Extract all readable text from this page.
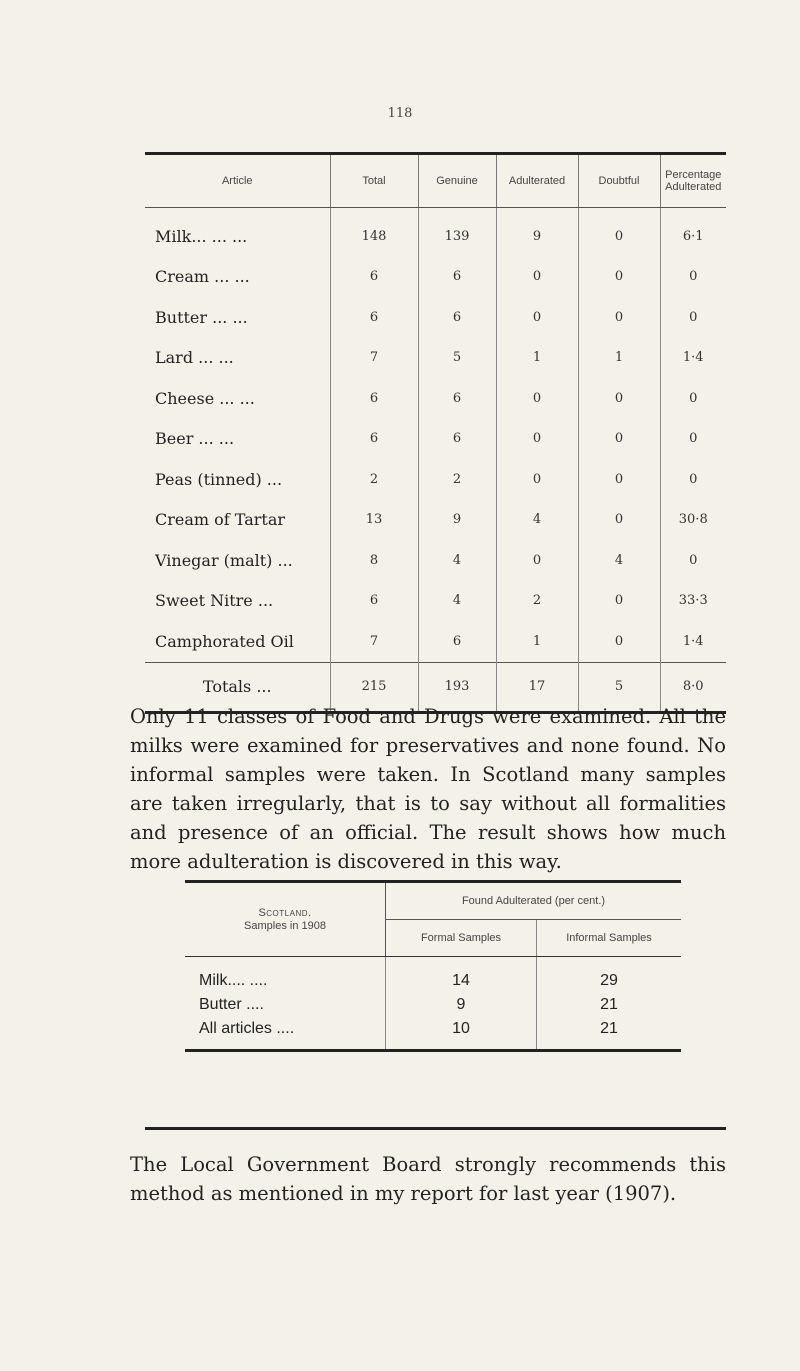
118
Article	Total	Genuine	Adulterated	Doubtful	Percentage Adulterated
Milk... ... ...	148	139	9	0	6·1
Cream ... ...	6	6	0	0	0
Butter ... ...	6	6	0	0	0
Lard ... ...	7	5	1	1	1·4
Cheese ... ...	6	6	0	0	0
Beer ... ...	6	6	0	0	0
Peas (tinned) ...	2	2	0	0	0
Cream of Tartar	13	9	4	0	30·8
Vinegar (malt) ...	8	4	0	4	0
Sweet Nitre ...	6	4	2	0	33·3
Camphorated Oil	7	6	1	0	1·4
Totals ...	215	193	17	5	8·0

Only 11 classes of Food and Drugs were examined. All the milks were examined for preservatives and none found. No informal samples were taken. In Scotland many samples are taken irregularly, that is to say without all formalities and presence of an official. The result shows how much more adulteration is discovered in this way.

Scotland.
Samples in 1908	Found Adulterated (per cent.)	
	Formal Samples	Informal Samples
Milk.... ....	14	29
Butter ....	9	21
All articles ....	10	21

The Local Government Board strongly recommends this method as mentioned in my report for last year (1907).
